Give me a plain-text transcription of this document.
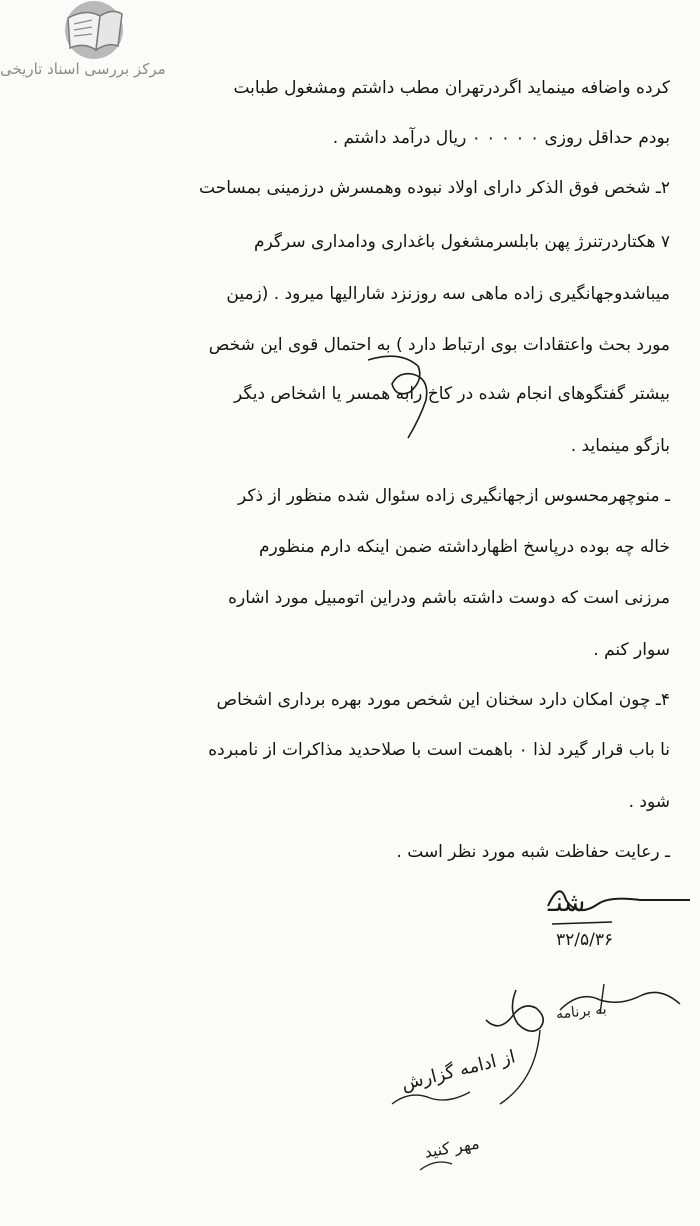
مرکز بررسی اسناد تاریخی
کرده واضافه مینماید اگردرتهران مطب داشتم ومشغول طبابت
بودم حداقل روزی ۰ ۰ ۰ ۰ ۰ ریال درآمد داشتم .
۲ـ شخص فوق الذکر دارای اولاد نبوده وهمسرش درزمینی بمساحت
۷ هکتاردرتنرژ پهن بابلسرمشغول باغداری ودامداری سرگرم
میباشدوجهانگیری زاده ماهی سه روزنزد شارالیها میرود . (زمین
مورد بحث واعتقادات بوی ارتباط دارد ) به احتمال قوی این شخص
بیشتر گفتگوهای انجام شده در کاخ رابه همسر یا اشخاص دیگر
بازگو مینماید .
ـ منوچهرمحسوس ازجهانگیری زاده سئوال شده منظور از ذکر
خاله چه بوده درپاسخ اظهارداشته ضمن اینکه دارم منظورم
مرزنی است که دوست داشته باشم ودراین اتومبیل مورد اشاره
سوار کنم .
۴ـ چون امکان دارد سخنان این شخص مورد بهره برداری اشخاص
نا باب قرار گیرد لذا ۰ باهمت است با صلاحدید مذاکرات از نامبرده
شود .
ـ رعایت حفاظت شبه مورد نظر است .
شنـ
۳۲/۵/۳۶
به برنامه
از ادامه گزارش
مهر کنید
